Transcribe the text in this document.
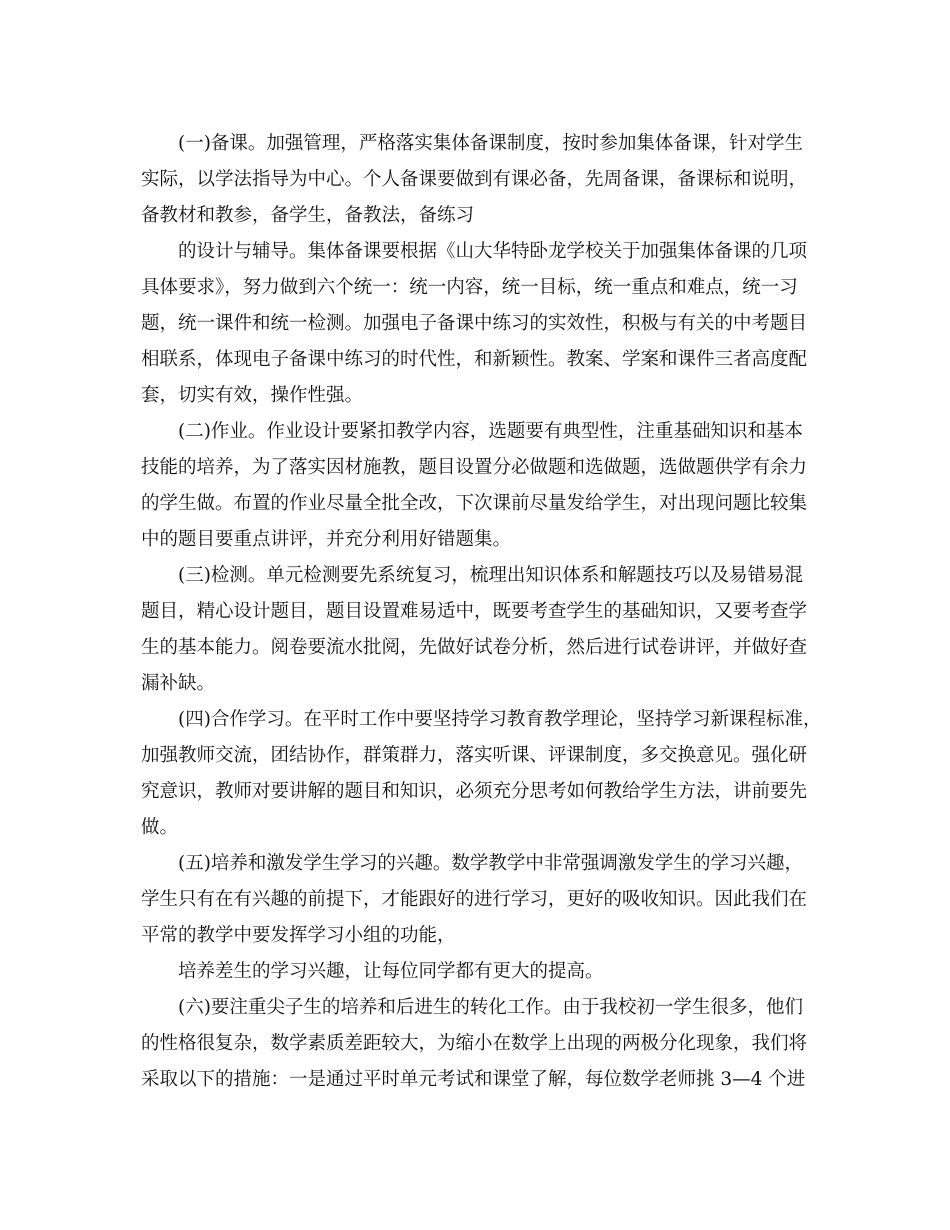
(一)备课。加强管理，严格落实集体备课制度，按时参加集体备课，针对学生

实际，以学法指导为中心。个人备课要做到有课必备，先周备课，备课标和说明，

备教材和教参，备学生，备教法，备练习

的设计与辅导。集体备课要根据《山大华特卧龙学校关于加强集体备课的几项

具体要求》，努力做到六个统一：统一内容，统一目标，统一重点和难点，统一习

题，统一课件和统一检测。加强电子备课中练习的实效性，积极与有关的中考题目

相联系，体现电子备课中练习的时代性，和新颖性。教案、学案和课件三者高度配

套，切实有效，操作性强。

(二)作业。作业设计要紧扣教学内容，选题要有典型性，注重基础知识和基本

技能的培养，为了落实因材施教，题目设置分必做题和选做题，选做题供学有余力

的学生做。布置的作业尽量全批全改，下次课前尽量发给学生，对出现问题比较集

中的题目要重点讲评，并充分利用好错题集。

(三)检测。单元检测要先系统复习，梳理出知识体系和解题技巧以及易错易混

题目，精心设计题目，题目设置难易适中，既要考查学生的基础知识，又要考查学

生的基本能力。阅卷要流水批阅，先做好试卷分析，然后进行试卷讲评，并做好查

漏补缺。

(四)合作学习。在平时工作中要坚持学习教育教学理论，坚持学习新课程标准，

加强教师交流，团结协作，群策群力，落实听课、评课制度，多交换意见。强化研

究意识，教师对要讲解的题目和知识，必须充分思考如何教给学生方法，讲前要先

做。

(五)培养和激发学生学习的兴趣。数学教学中非常强调激发学生的学习兴趣，

学生只有在有兴趣的前提下，才能跟好的进行学习，更好的吸收知识。因此我们在

平常的教学中要发挥学习小组的功能，

培养差生的学习兴趣，让每位同学都有更大的提高。

(六)要注重尖子生的培养和后进生的转化工作。由于我校初一学生很多，他们

的性格很复杂，数学素质差距较大，为缩小在数学上出现的两极分化现象，我们将

采取以下的措施：一是通过平时单元考试和课堂了解，每位数学老师挑 3—4 个进
